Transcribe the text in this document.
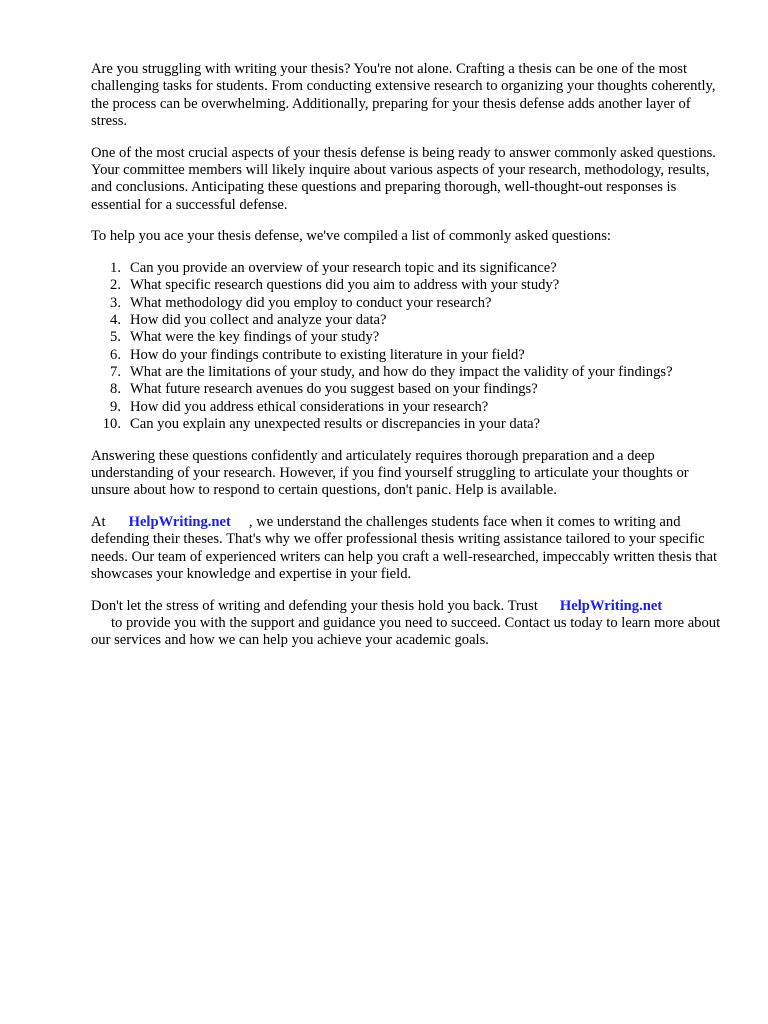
Are you struggling with writing your thesis? You're not alone. Crafting a thesis can be one of the most challenging tasks for students. From conducting extensive research to organizing your thoughts coherently, the process can be overwhelming. Additionally, preparing for your thesis defense adds another layer of stress.

One of the most crucial aspects of your thesis defense is being ready to answer commonly asked questions. Your committee members will likely inquire about various aspects of your research, methodology, results, and conclusions. Anticipating these questions and preparing thorough, well-thought-out responses is essential for a successful defense.

To help you ace your thesis defense, we've compiled a list of commonly asked questions:

1. Can you provide an overview of your research topic and its significance?
2. What specific research questions did you aim to address with your study?
3. What methodology did you employ to conduct your research?
4. How did you collect and analyze your data?
5. What were the key findings of your study?
6. How do your findings contribute to existing literature in your field?
7. What are the limitations of your study, and how do they impact the validity of your findings?
8. What future research avenues do you suggest based on your findings?
9. How did you address ethical considerations in your research?
10. Can you explain any unexpected results or discrepancies in your data?

Answering these questions confidently and articulately requires thorough preparation and a deep understanding of your research. However, if you find yourself struggling to articulate your thoughts or unsure about how to respond to certain questions, don't panic. Help is available.

At HelpWriting.net , we understand the challenges students face when it comes to writing and defending their theses. That's why we offer professional thesis writing assistance tailored to your specific needs. Our team of experienced writers can help you craft a well-researched, impeccably written thesis that showcases your knowledge and expertise in your field.

Don't let the stress of writing and defending your thesis hold you back. Trust HelpWriting.net
to provide you with the support and guidance you need to succeed. Contact us today to learn more about our services and how we can help you achieve your academic goals.
